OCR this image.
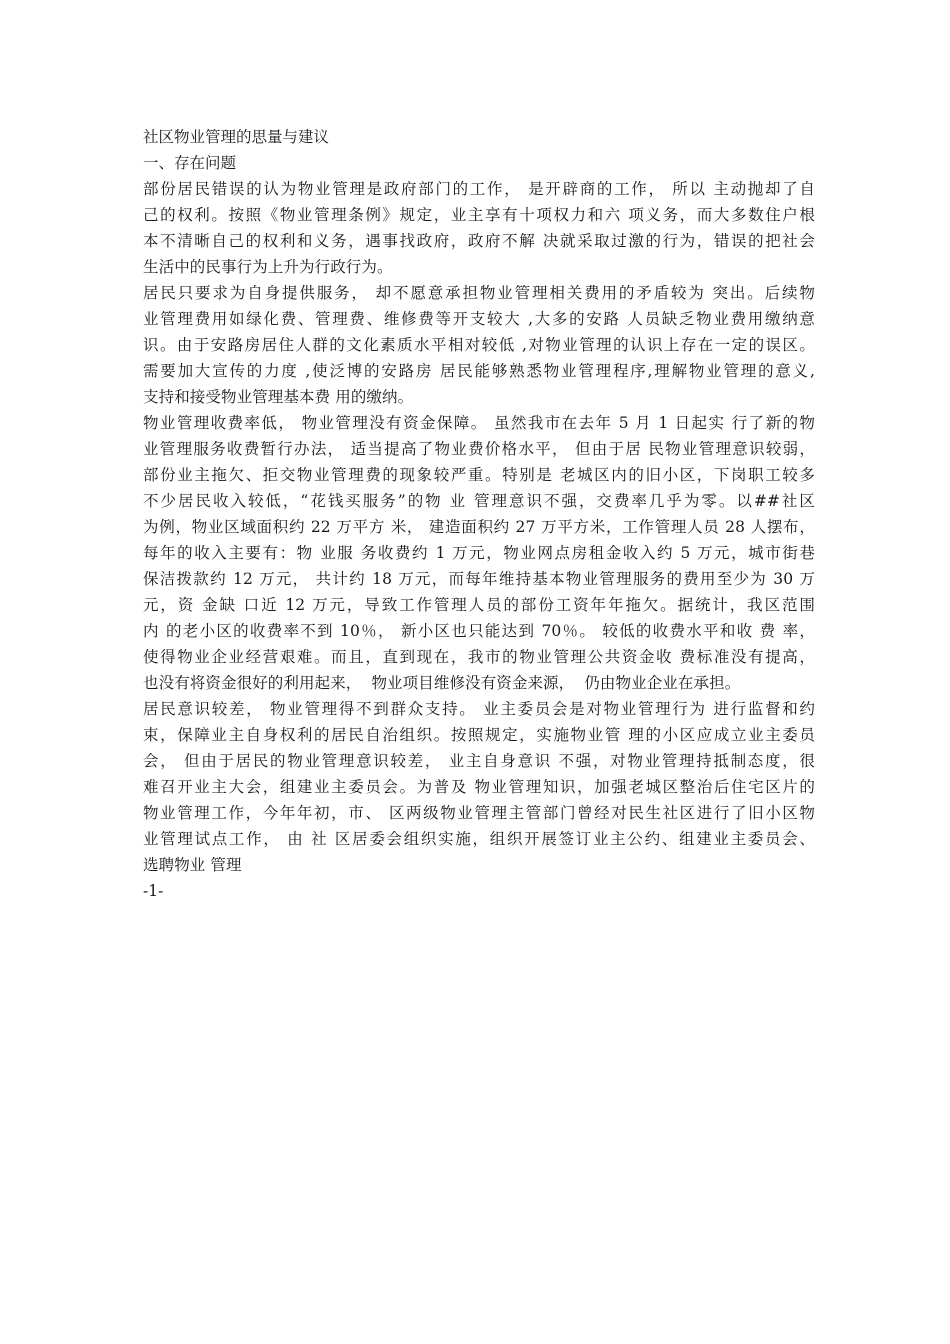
社区物业管理的思量与建议
一、存在问题
部份居民错误的认为物业管理是政府部门的工作， 是开辟商的工作， 所以 主动抛却了自
己的权利。按照《物业管理条例》规定，业主享有十项权力和六 项义务，而大多数住户根
本不清晰自己的权利和义务，遇事找政府，政府不解 决就采取过激的行为，错误的把社会
生活中的民事行为上升为行政行为。
居民只要求为自身提供服务， 却不愿意承担物业管理相关费用的矛盾较为 突出。后续物
业管理费用如绿化费、管理费、维修费等开支较大 ,大多的安路 人员缺乏物业费用缴纳意
识。由于安路房居住人群的文化素质水平相对较低 ,对物业管理的认识上存在一定的误区。
需要加大宣传的力度 ,使泛博的安路房 居民能够熟悉物业管理程序,理解物业管理的意义,
支持和接受物业管理基本费 用的缴纳。
物业管理收费率低， 物业管理没有资金保障。 虽然我市在去年 5 月 1 日起实 行了新的物
业管理服务收费暂行办法， 适当提高了物业费价格水平， 但由于居 民物业管理意识较弱，
部份业主拖欠、拒交物业管理费的现象较严重。特别是 老城区内的旧小区，下岗职工较多
不少居民收入较低，“花钱买服务”的物 业 管理意识不强，交费率几乎为零。以##社区
为例，物业区域面积约 22 万平方 米， 建造面积约 27 万平方米，工作管理人员 28 人摆布，
每年的收入主要有：物 业服 务收费约 1 万元，物业网点房租金收入约 5 万元，城市街巷
保洁拨款约 12 万元， 共计约 18 万元，而每年维持基本物业管理服务的费用至少为 30 万
元，资 金缺 口近 12 万元，导致工作管理人员的部份工资年年拖欠。据统计，我区范围
内 的老小区的收费率不到 10％， 新小区也只能达到 70％。 较低的收费水平和收 费 率，
使得物业企业经营艰难。而且，直到现在，我市的物业管理公共资金收 费标准没有提高，
也没有将资金很好的利用起来，  物业项目维修没有资金来源，  仍由物业企业在承担。
居民意识较差， 物业管理得不到群众支持。 业主委员会是对物业管理行为 进行监督和约
束，保障业主自身权利的居民自治组织。按照规定，实施物业管 理的小区应成立业主委员
会， 但由于居民的物业管理意识较差， 业主自身意识 不强，对物业管理持抵制态度，很
难召开业主大会，组建业主委员会。为普及 物业管理知识，加强老城区整治后住宅区片的
物业管理工作，今年年初，市、 区两级物业管理主管部门曾经对民生社区进行了旧小区物
业管理试点工作， 由 社 区居委会组织实施，组织开展签订业主公约、组建业主委员会、
选聘物业 管理
-1-
